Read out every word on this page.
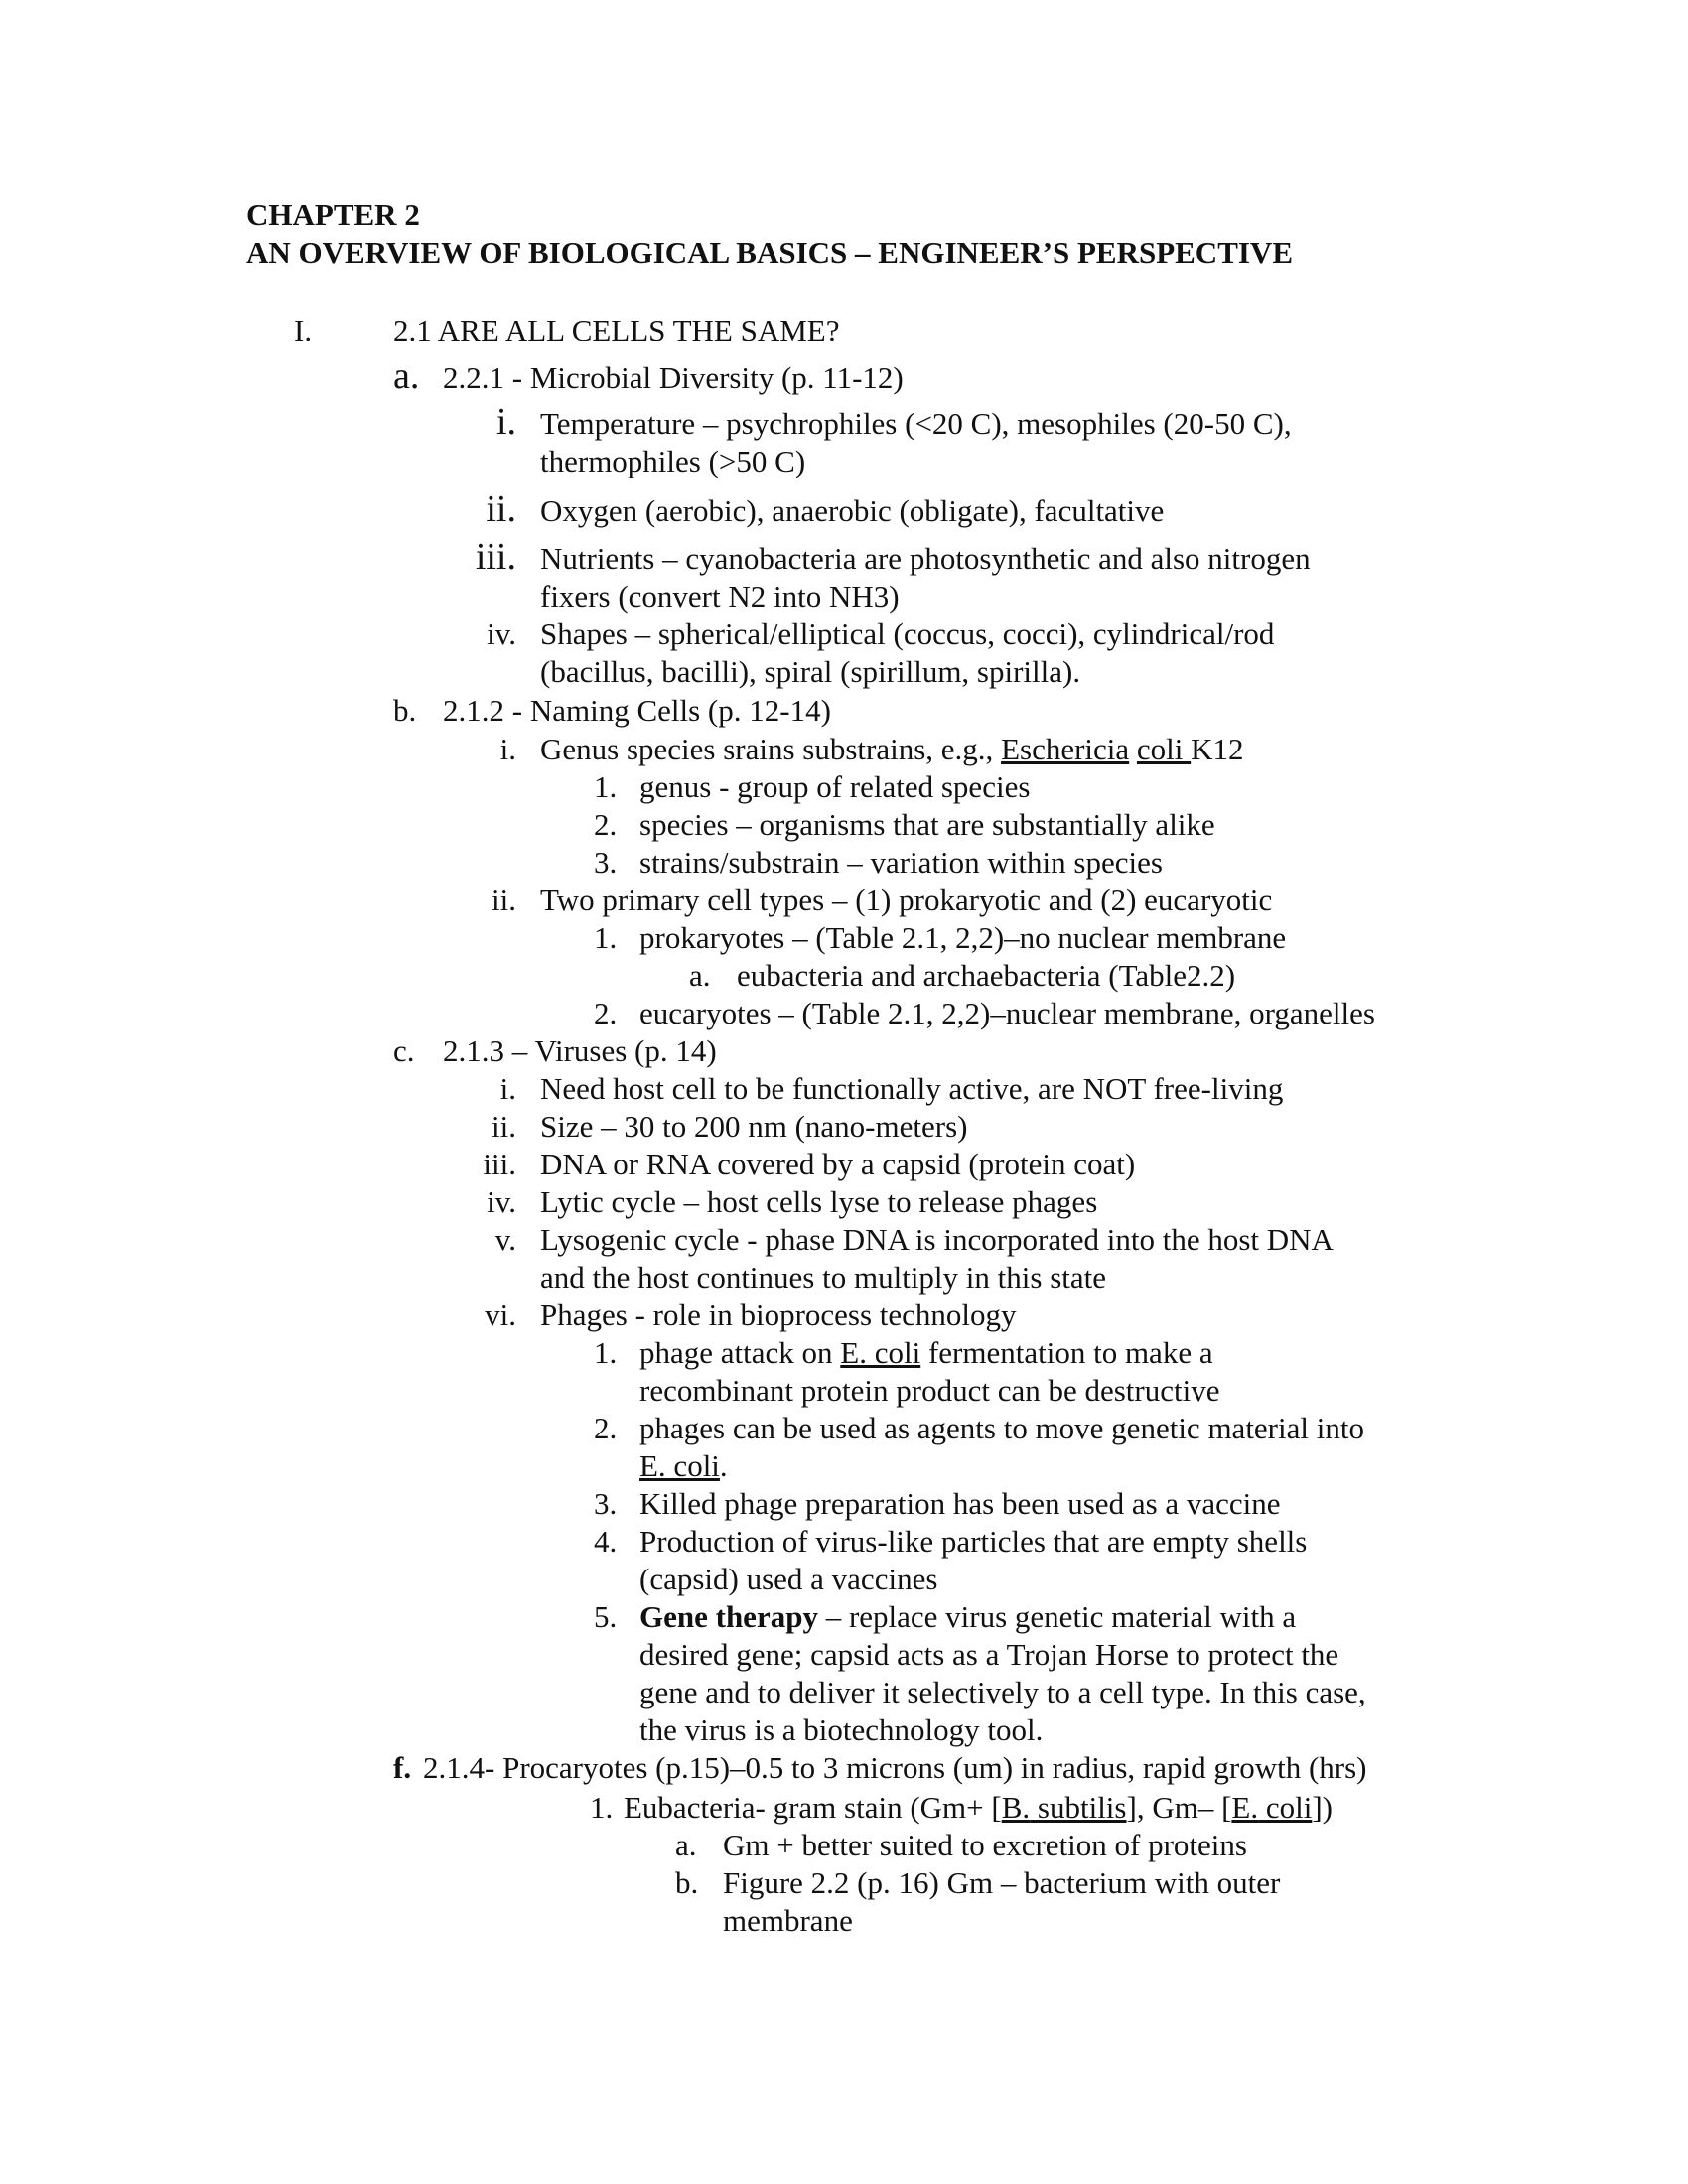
CHAPTER 2
AN OVERVIEW OF BIOLOGICAL BASICS – ENGINEER’S PERSPECTIVE
I.	2.1 ARE ALL CELLS THE SAME?
a. 2.2.1 - Microbial Diversity (p. 11-12)
i. Temperature – psychrophiles (<20 C), mesophiles (20-50 C),
thermophiles (>50 C)
ii. Oxygen (aerobic), anaerobic (obligate), facultative
iii. Nutrients – cyanobacteria are photosynthetic and also nitrogen
fixers (convert N2 into NH3)
iv. Shapes – spherical/elliptical (coccus, cocci), cylindrical/rod
(bacillus, bacilli), spiral (spirillum, spirilla).
b. 2.1.2 - Naming Cells (p. 12-14)
i. Genus species srains substrains, e.g., Eschericia coli K12
1. genus - group of related species
2. species – organisms that are substantially alike
3. strains/substrain – variation within species
ii. Two primary cell types – (1) prokaryotic and (2) eucaryotic
1. prokaryotes – (Table 2.1, 2,2)–no nuclear membrane
a. eubacteria and archaebacteria (Table2.2)
2. eucaryotes – (Table 2.1, 2,2)–nuclear membrane, organelles
c. 2.1.3 – Viruses (p. 14)
i. Need host cell to be functionally active, are NOT free-living
ii. Size – 30 to 200 nm (nano-meters)
iii. DNA or RNA covered by a capsid (protein coat)
iv. Lytic cycle – host cells lyse to release phages
v. Lysogenic cycle - phase DNA is incorporated into the host DNA
and the host continues to multiply in this state
vi. Phages - role in bioprocess technology
1. phage attack on E. coli fermentation to make a
recombinant protein product can be destructive
2. phages can be used as agents to move genetic material into
E. coli.
3. Killed phage preparation has been used as a vaccine
4. Production of virus-like particles that are empty shells
(capsid) used a vaccines
5. Gene therapy – replace virus genetic material with a
desired gene; capsid acts as a Trojan Horse to protect the
gene and to deliver it selectively to a cell type. In this case,
the virus is a biotechnology tool.
f. 2.1.4- Procaryotes (p.15)–0.5 to 3 microns (um) in radius, rapid growth (hrs)
1. Eubacteria- gram stain (Gm+ [B. subtilis], Gm– [E. coli])
a. Gm + better suited to excretion of proteins
b. Figure 2.2 (p. 16) Gm – bacterium with outer
membrane
